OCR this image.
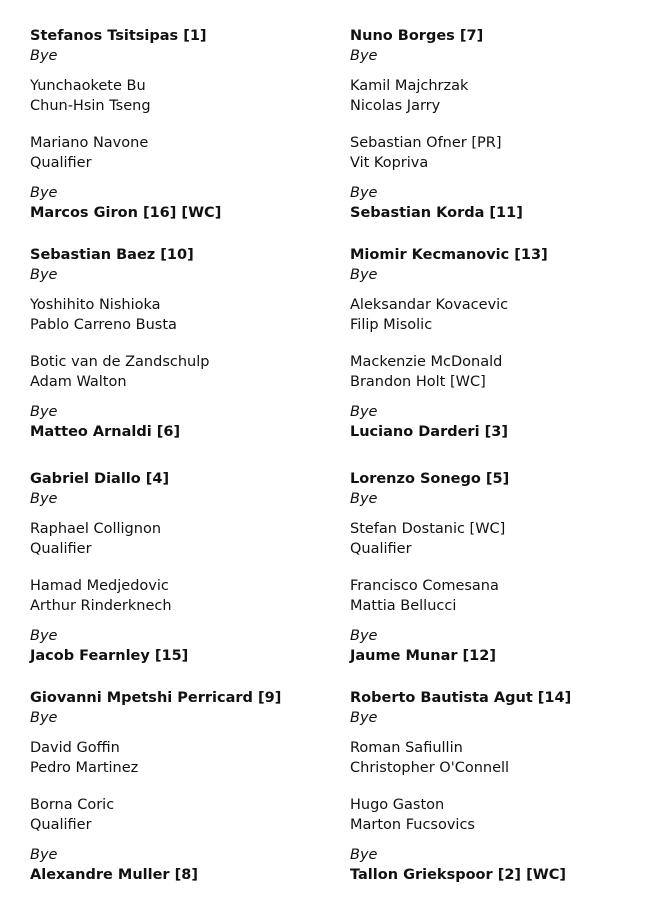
Stefanos Tsitsipas [1]
Bye
Yunchaokete Bu
Chun-Hsin Tseng
Mariano Navone
Qualifier
Bye
Marcos Giron [16] [WC]
Sebastian Baez [10]
Bye
Yoshihito Nishioka
Pablo Carreno Busta
Botic van de Zandschulp
Adam Walton
Bye
Matteo Arnaldi [6]
Gabriel Diallo [4]
Bye
Raphael Collignon
Qualifier
Hamad Medjedovic
Arthur Rinderknech
Bye
Jacob Fearnley [15]
Giovanni Mpetshi Perricard [9]
Bye
David Goffin
Pedro Martinez
Borna Coric
Qualifier
Bye
Alexandre Muller [8]
Nuno Borges [7]
Bye
Kamil Majchrzak
Nicolas Jarry
Sebastian Ofner [PR]
Vit Kopriva
Bye
Sebastian Korda [11]
Miomir Kecmanovic [13]
Bye
Aleksandar Kovacevic
Filip Misolic
Mackenzie McDonald
Brandon Holt [WC]
Bye
Luciano Darderi [3]
Lorenzo Sonego [5]
Bye
Stefan Dostanic [WC]
Qualifier
Francisco Comesana
Mattia Bellucci
Bye
Jaume Munar [12]
Roberto Bautista Agut [14]
Bye
Roman Safiullin
Christopher O'Connell
Hugo Gaston
Marton Fucsovics
Bye
Tallon Griekspoor [2] [WC]
